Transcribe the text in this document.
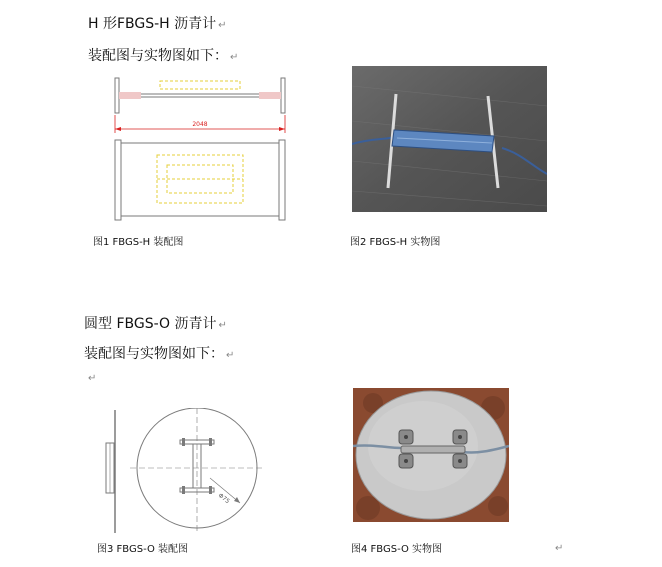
H 形FBGS-H 沥青计 ↵
装配图与实物图如下： ↵
2048
图1 FBGS-H 装配图	图2 FBGS-H 实物图
圆型 FBGS-O 沥青计 ↵
装配图与实物图如下： ↵
↵
Φ75
图3 FBGS-O 装配图	图4 FBGS-O 实物图	↵
